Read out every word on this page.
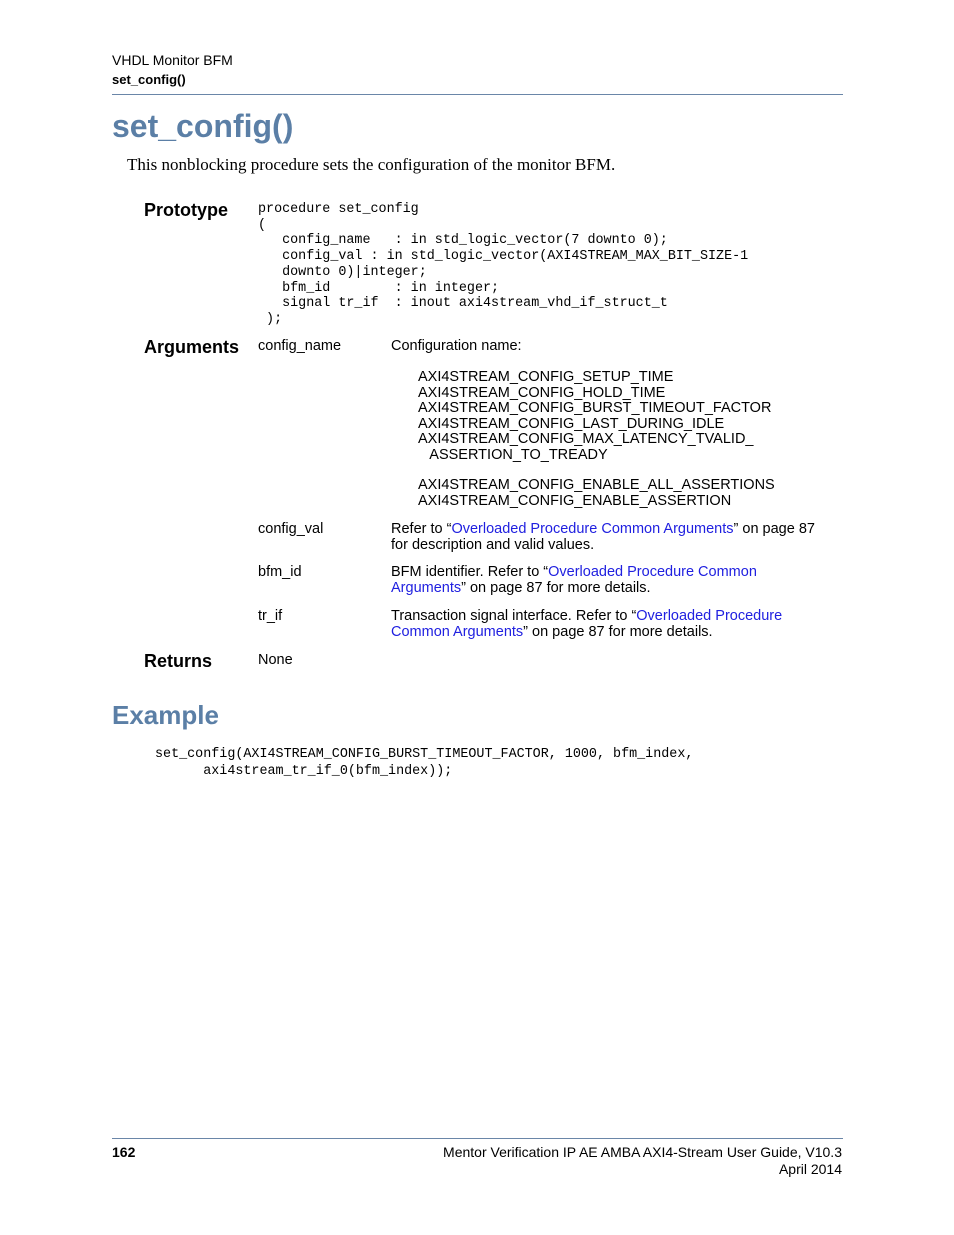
VHDL Monitor BFM
set_config()
set_config()
This nonblocking procedure sets the configuration of the monitor BFM.
Prototype procedure set_config
(
config_name   : in std_logic_vector(7 downto 0);
config_val : in std_logic_vector(AXI4STREAM_MAX_BIT_SIZE-1
downto 0)|integer;
bfm_id        : in integer;
signal tr_if  : inout axi4stream_vhd_if_struct_t
);
Arguments config_name	Configuration name:
AXI4STREAM_CONFIG_SETUP_TIME
AXI4STREAM_CONFIG_HOLD_TIME
AXI4STREAM_CONFIG_BURST_TIMEOUT_FACTOR
AXI4STREAM_CONFIG_LAST_DURING_IDLE
AXI4STREAM_CONFIG_MAX_LATENCY_TVALID_
ASSERTION_TO_TREADY
AXI4STREAM_CONFIG_ENABLE_ALL_ASSERTIONS
AXI4STREAM_CONFIG_ENABLE_ASSERTION
config_val	Refer to “Overloaded Procedure Common Arguments” on page 87 for description and valid values.
bfm_id	BFM identifier. Refer to “Overloaded Procedure Common Arguments” on page 87 for more details.
tr_if	Transaction signal interface. Refer to “Overloaded Procedure Common Arguments” on page 87 for more details.
Returns	None
Example
set_config(AXI4STREAM_CONFIG_BURST_TIMEOUT_FACTOR, 1000, bfm_index,
axi4stream_tr_if_0(bfm_index));
162	Mentor Verification IP AE AMBA AXI4-Stream User Guide, V10.3
April 2014
